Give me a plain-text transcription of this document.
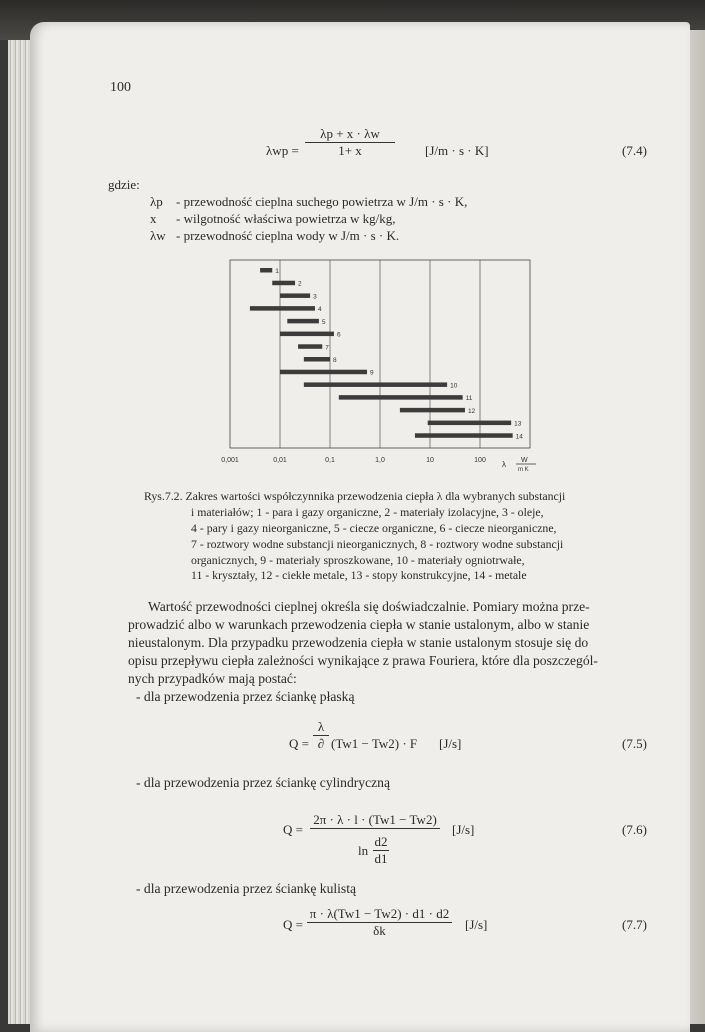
100
λwp =
λp + x · λw
1+ x	[J/m · s · K]	(7.4)
gdzie:
λp - przewodność cieplna suchego powietrza w J/m · s · K,
x - wilgotność właściwa powietrza w kg/kg,
λw - przewodność cieplna wody w J/m · s · K.
1
2
3
4
5
6
7
8
9
10
11
12
13
14
0,001	0,01	0,1	1,0	10	100 λ W
m K
Rys.7.2. Zakres wartości współczynnika przewodzenia ciepła λ dla wybranych substancji
i materiałów; 1 - para i gazy organiczne, 2 - materiały izolacyjne, 3 - oleje,
4 - pary i gazy nieorganiczne, 5 - ciecze organiczne, 6 - ciecze nieorganiczne,
7 - roztwory wodne substancji nieorganicznych, 8 - roztwory wodne substancji
organicznych, 9 - materiały sproszkowane, 10 - materiały ogniotrwałe,
11 - kryształy, 12 - ciekłe metale, 13 - stopy konstrukcyjne, 14 - metale
Wartość przewodności cieplnej określa się doświadczalnie. Pomiary można prze-
prowadzić albo w warunkach przewodzenia ciepła w stanie ustalonym, albo w stanie
nieustalonym. Dla przypadku przewodzenia ciepła w stanie ustalonym stosuje się do
opisu przepływu ciepła zależności wynikające z prawa Fouriera, które dla poszczegól-
nych przypadków mają postać:
- dla przewodzenia przez ściankę płaską
Q =
λ
∂ (Tw1 − Tw2) · F [J/s]	(7.5)
- dla przewodzenia przez ściankę cylindryczną
Q =
2π · λ · l · (Tw1 − Tw2)
ln
d2
d1
[J/s]	(7.6)
- dla przewodzenia przez ściankę kulistą
Q =
π · λ(Tw1 − Tw2) · d1 · d2
δk	[J/s]	(7.7)
